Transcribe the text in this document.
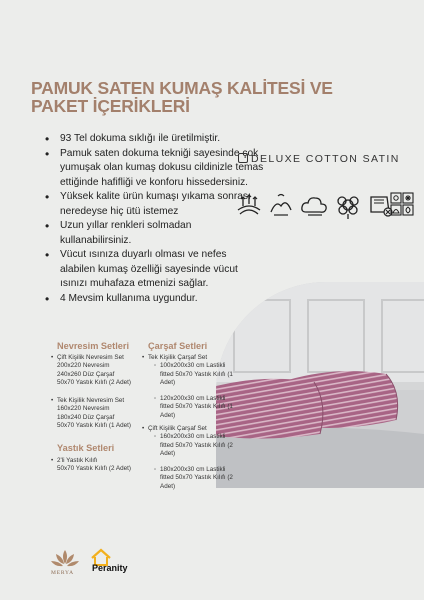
PAMUK SATEN KUMAŞ KALİTESİ VE PAKET İÇERİKLERİ
• 93 Tel dokuma sıklığı ile üretilmiştir.
• Pamuk saten dokuma tekniği sayesinde çok yumuşak olan kumaş dokusu cildinizle temas ettiğinde hafifliği ve konforu hissedersiniz.
• Yüksek kalite ürün kumaşı yıkama sonrası neredeyse hiç ütü istemez
• Uzun yıllar renkleri solmadan kullanabilirsiniz.
• Vücut ısınıza duyarlı olması ve nefes alabilen kumaş özelliği sayesinde vücut ısınızı muhafaza etmenizi sağlar.
• 4 Mevsim kullanıma uygundur.
DELUXE COTTON SATIN
Nevresim Setleri
• Çift Kişilik Nevresim Set
200x220 Nevresim
240x260 Düz Çarşaf
50x70 Yastık Kılıfı (2 Adet)
• Tek Kişilik Nevresim Set
160x220 Nevresim
180x240 Düz Çarşaf
50x70 Yastık Kılıfı (1 Adet)
Yastık Setleri
• 2'li Yastık Kılıfı
50x70 Yastık Kılıfı (2 Adet)
Çarşaf Setleri
• Tek Kişilik Çarşaf Set
◦ 100x200x30 cm Lastikli
fitted 50x70 Yastık Kılıfı (1
Adet)
◦ 120x200x30 cm Lastikli
fitted 50x70 Yastık Kılıfı (1
Adet)
• Çift Kişilik Çarşaf Set
◦ 160x200x30 cm Lastikli
fitted 50x70 Yastık Kılıfı (2
Adet)
◦ 180x200x30 cm Lastikli
fitted 50x70 Yastık Kılıfı (2
Adet)
MERYA Peranity
